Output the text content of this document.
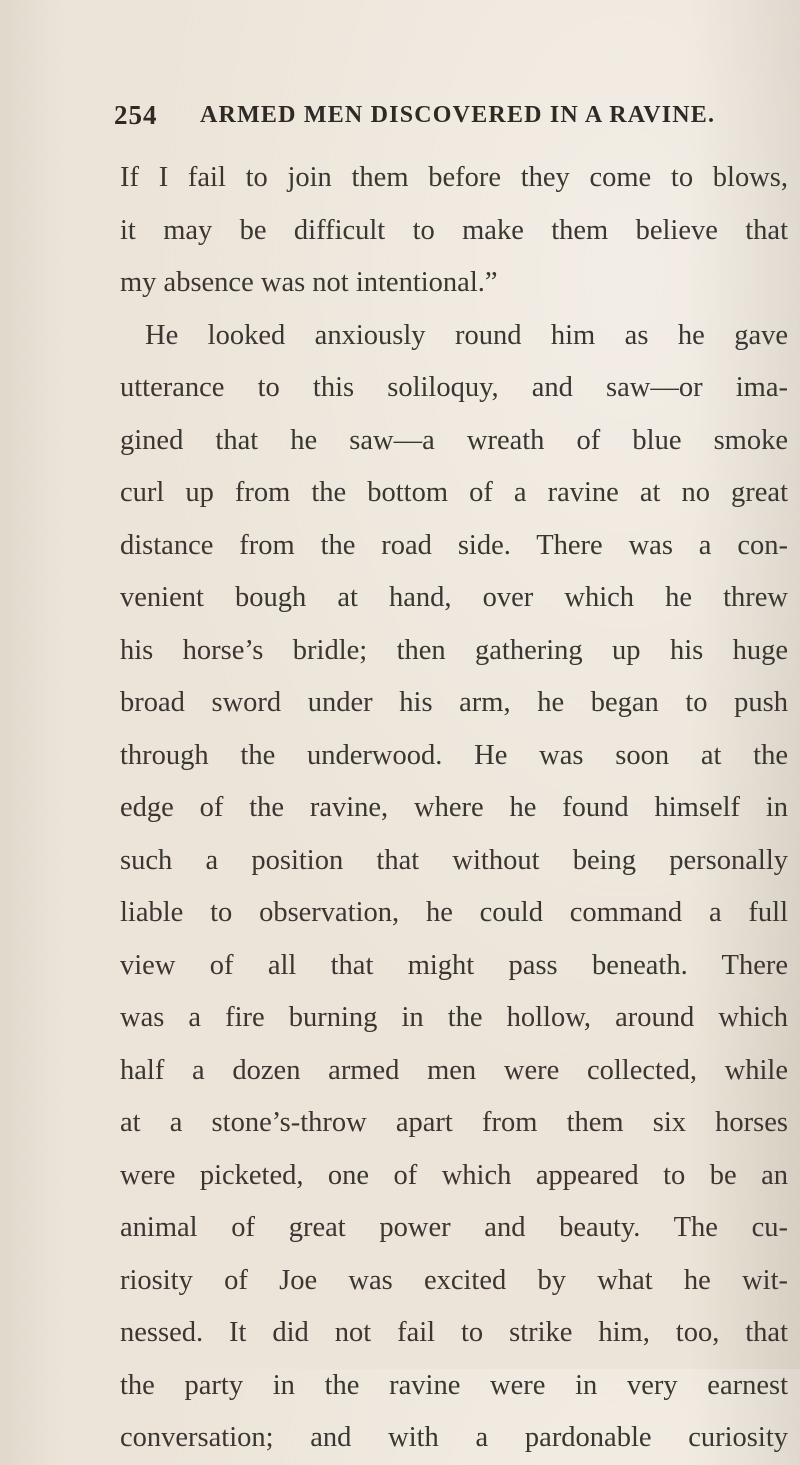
254 ARMED MEN DISCOVERED IN A RAVINE.
If I fail to join them before they come to blows,
it may be difficult to make them believe that
my absence was not intentional.”
He looked anxiously round him as he gave
utterance to this soliloquy, and saw—or ima-
gined that he saw—a wreath of blue smoke
curl up from the bottom of a ravine at no great
distance from the road side. There was a con-
venient bough at hand, over which he threw
his horse’s bridle; then gathering up his huge
broad sword under his arm, he began to push
through the underwood. He was soon at the
edge of the ravine, where he found himself in
such a position that without being personally
liable to observation, he could command a full
view of all that might pass beneath. There
was a fire burning in the hollow, around which
half a dozen armed men were collected, while
at a stone’s-throw apart from them six horses
were picketed, one of which appeared to be an
animal of great power and beauty. The cu-
riosity of Joe was excited by what he wit-
nessed. It did not fail to strike him, too, that
the party in the ravine were in very earnest
conversation; and with a pardonable curiosity
